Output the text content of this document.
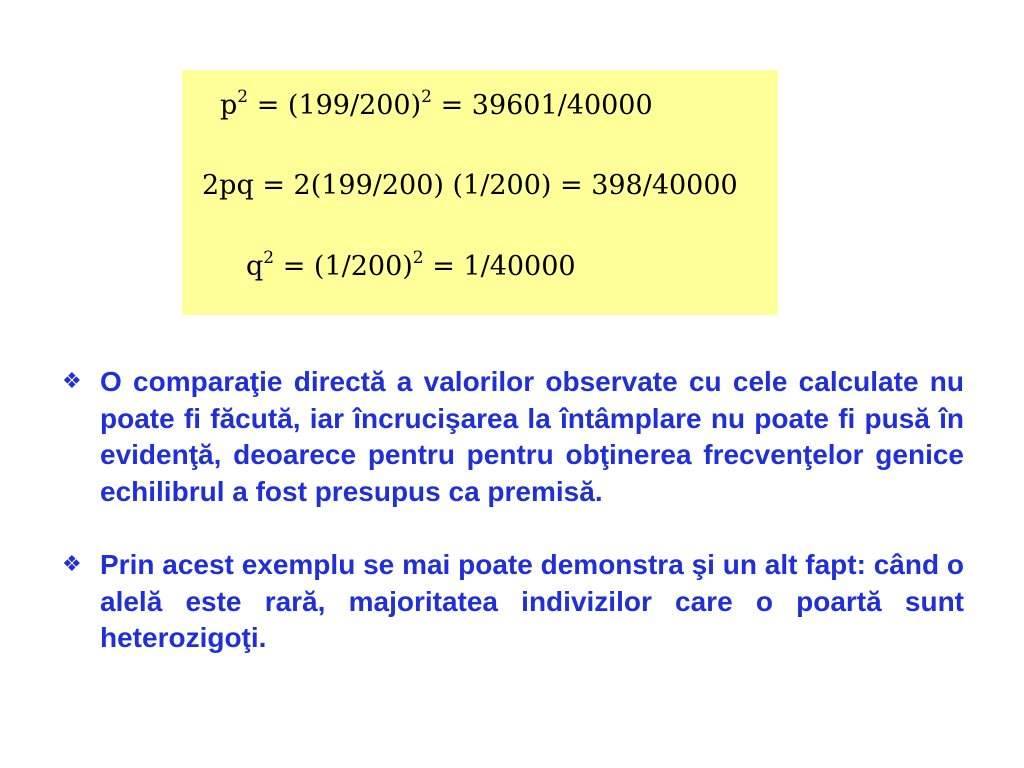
$p^2 = (199/200)^2 = 39601/40000$
2pq = 2(199/200) (1/200) = 398/40000
$q^2 = (1/200)^2 = 1/40000$
❖ O comparaţie directă a valorilor observate cu cele calculate nu poate fi făcută, iar încrucişarea la întâmplare nu poate fi pusă în evidenţă, deoarece pentru pentru obţinerea frecvenţelor genice echilibrul a fost presupus ca premisă.
❖ Prin acest exemplu se mai poate demonstra şi un alt fapt: când o alelă este rară, majoritatea indivizilor care o poartă sunt heterozigoţi.
